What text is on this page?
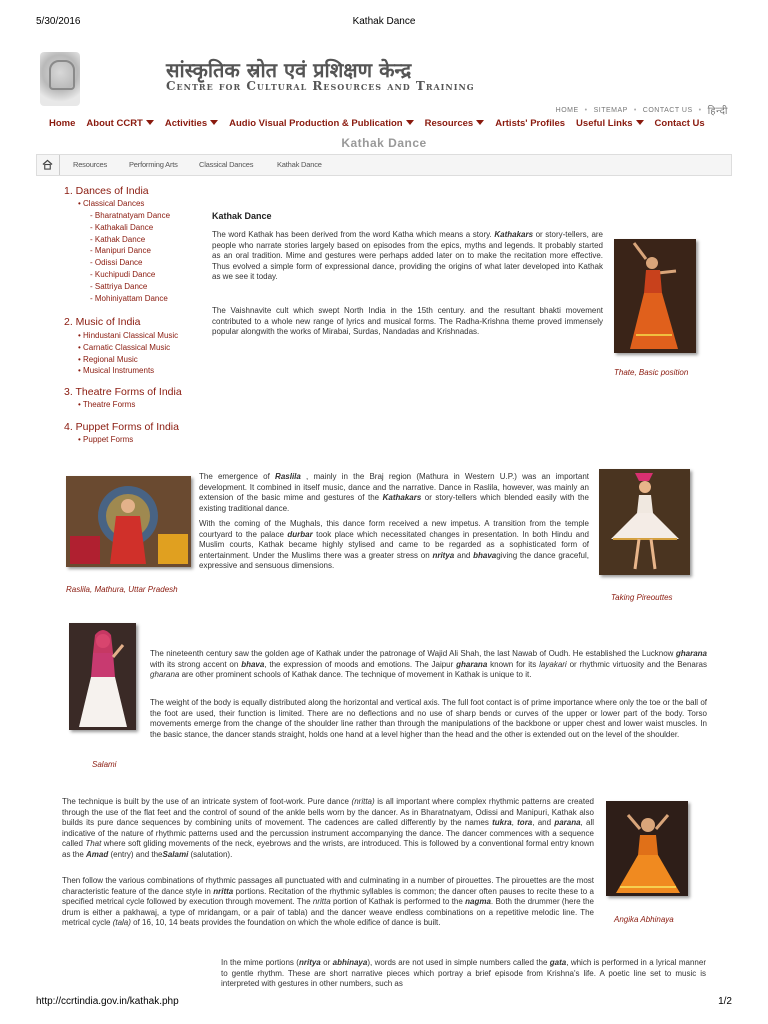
5/30/2016	Kathak Dance
http://ccrtindia.gov.in/kathak.php	1/2
सांस्कृतिक स्रोत एवं प्रशिक्षण केन्द्र
Centre for Cultural Resources and Training
HOME • SITEMAP • CONTACT US • हिन्दी
Home About CCRT	Activities	Audio Visual Production & Publication	Resources	Artists' Profiles Useful Links	Contact Us
Kathak Dance
Resources	Performing Arts	Classical Dances	Kathak Dance
1. Dances of India
• Classical Dances
- Bharatnatyam Dance
- Kathakali Dance
- Kathak Dance
- Manipuri Dance
- Odissi Dance
- Kuchipudi Dance
- Sattriya Dance
- Mohiniyattam Dance
2. Music of India
• Hindustani Classical Music
• Carnatic Classical Music
• Regional Music
• Musical Instruments
3. Theatre Forms of India
• Theatre Forms
4. Puppet Forms of India
• Puppet Forms
Kathak Dance
The word Kathak has been derived from the word Katha which means a story. Kathakars or story-tellers, are people who narrate stories largely based on episodes from the epics, myths and legends. It probably started as an oral tradition. Mime and gestures were perhaps added later on to make the recitation more effective. Thus evolved a simple form of expressional dance, providing the origins of what later developed into Kathak as we see it today.
The Vaishnavite cult which swept North India in the 15th century. and the resultant bhakti movement contributed to a whole new range of lyrics and musical forms. The Radha-Krishna theme proved immensely popular alongwith the works of Mirabai, Surdas, Nandadas and Krishnadas.
Thate, Basic position
Raslila, Mathura, Uttar Pradesh
The emergence of Raslila , mainly in the Braj region (Mathura in Western U.P.) was an important development. It combined in itself music, dance and the narrative. Dance in Raslila, however, was mainly an extension of the basic mime and gestures of the Kathakars or story-tellers which blended easily with the existing traditional dance.
With the coming of the Mughals, this dance form received a new impetus. A transition from the temple courtyard to the palace durbar took place which necessitated changes in presentation. In both Hindu and Muslim courts, Kathak became highly stylised and came to be regarded as a sophisticated form of entertainment. Under the Muslims there was a greater stress on nritya and bhavagiving the dance graceful, expressive and sensuous dimensions.
Taking Pireouttes
Salami
The nineteenth century saw the golden age of Kathak under the patronage of Wajid Ali Shah, the last Nawab of Oudh. He established the Lucknow gharana with its strong accent on bhava, the expression of moods and emotions. The Jaipur gharana known for its layakari or rhythmic virtuosity and the Benaras gharana are other prominent schools of Kathak dance. The technique of movement in Kathak is unique to it.
The weight of the body is equally distributed along the horizontal and vertical axis. The full foot contact is of prime importance where only the toe or the ball of the foot are used, their function is limited. There are no deflections and no use of sharp bends or curves of the upper or lower part of the body. Torso movements emerge from the change of the shoulder line rather than through the manipulations of the backbone or upper chest and lower waist muscles. In the basic stance, the dancer stands straight, holds one hand at a level higher than the head and the other is extended out on the level of the shoulder.
The technique is built by the use of an intricate system of foot-work. Pure dance (nritta) is all important where complex rhythmic patterns are created through the use of the flat feet and the control of sound of the ankle bells worn by the dancer. As in Bharatnatyam, Odissi and Manipuri, Kathak also builds its pure dance sequences by combining units of movement. The cadences are called differently by the names tukra, tora, and parana, all indicative of the nature of rhythmic patterns used and the percussion instrument accompanying the dance. The dancer commences with a sequence called That where soft gliding movements of the neck, eyebrows and the wrists, are introduced. This is followed by a conventional formal entry known as the Amad (entry) and theSalami (salutation).
Then follow the various combinations of rhythmic passages all punctuated with and culminating in a number of pirouettes. The pirouettes are the most characteristic feature of the dance style in nritta portions. Recitation of the rhythmic syllables is common; the dancer often pauses to recite these to a specified metrical cycle followed by execution through movement. The nritta portion of Kathak is performed to the nagma. Both the drummer (here the drum is either a pakhawaj, a type of mridangam, or a pair of tabla) and the dancer weave endless combinations on a repetitive melodic line. The metrical cycle (tala) of 16, 10, 14 beats provides the foundation on which the whole edifice of dance is built.	Angika Abhinaya
In the mime portions (nritya or abhinaya), words are not used in simple numbers called the gata, which is performed in a lyrical manner to gentle rhythm. These are short narrative pieces which portray a brief episode from Krishna's life. A poetic line set to music is interpreted with gestures in other numbers, such as
